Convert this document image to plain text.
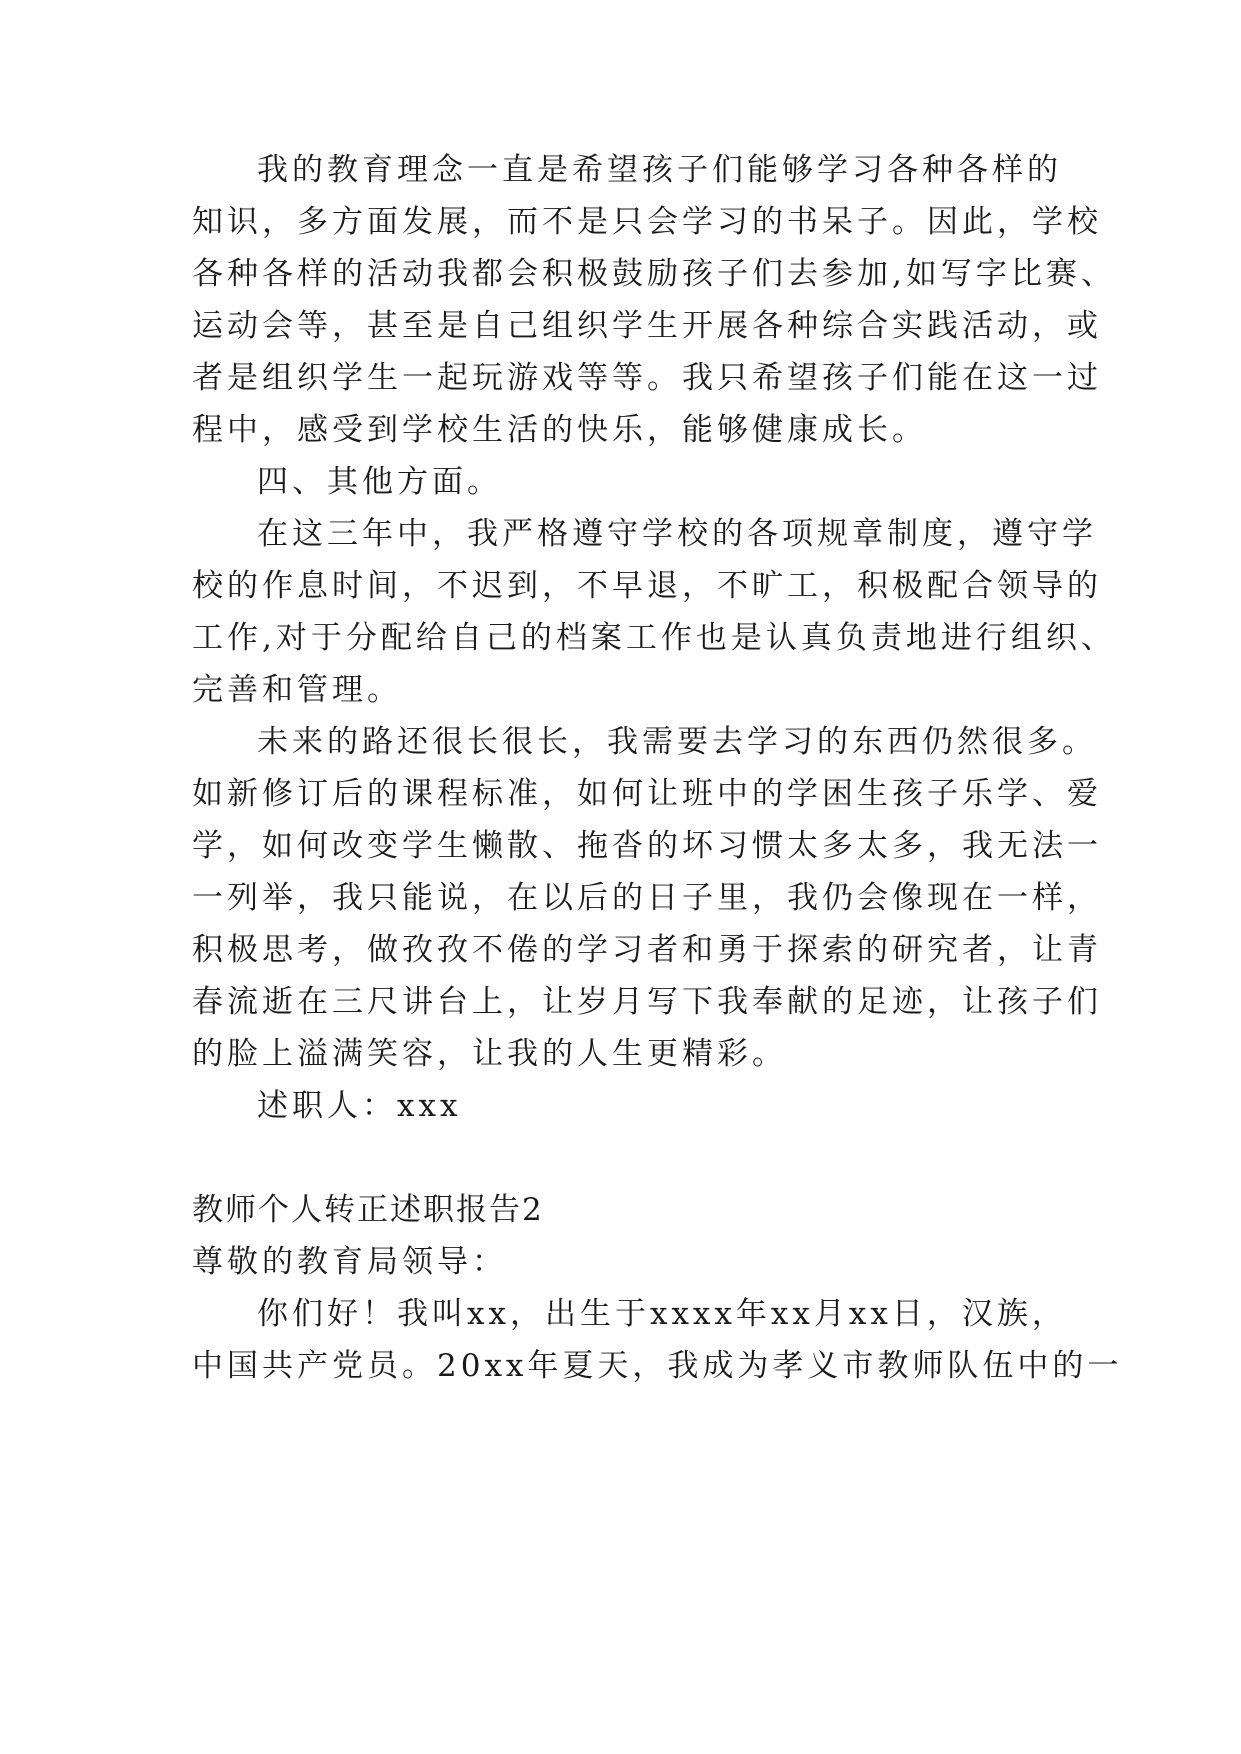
我的教育理念一直是希望孩子们能够学习各种各样的
知识，多方面发展，而不是只会学习的书呆子。因此，学校
各种各样的活动我都会积极鼓励孩子们去参加,如写字比赛、
运动会等，甚至是自己组织学生开展各种综合实践活动，或
者是组织学生一起玩游戏等等。我只希望孩子们能在这一过
程中，感受到学校生活的快乐，能够健康成长。
四、其他方面。
在这三年中，我严格遵守学校的各项规章制度，遵守学
校的作息时间，不迟到，不早退，不旷工，积极配合领导的
工作,对于分配给自己的档案工作也是认真负责地进行组织、
完善和管理。
未来的路还很长很长，我需要去学习的东西仍然很多。
如新修订后的课程标准，如何让班中的学困生孩子乐学、爱
学，如何改变学生懒散、拖沓的坏习惯太多太多，我无法一
一列举，我只能说，在以后的日子里，我仍会像现在一样，
积极思考，做孜孜不倦的学习者和勇于探索的研究者，让青
春流逝在三尺讲台上，让岁月写下我奉献的足迹，让孩子们
的脸上溢满笑容，让我的人生更精彩。
述职人：xxx
教师个人转正述职报告2
尊敬的教育局领导：
你们好！我叫xx，出生于xxxx年xx月xx日，汉族，
中国共产党员。20xx年夏天，我成为孝义市教师队伍中的一
